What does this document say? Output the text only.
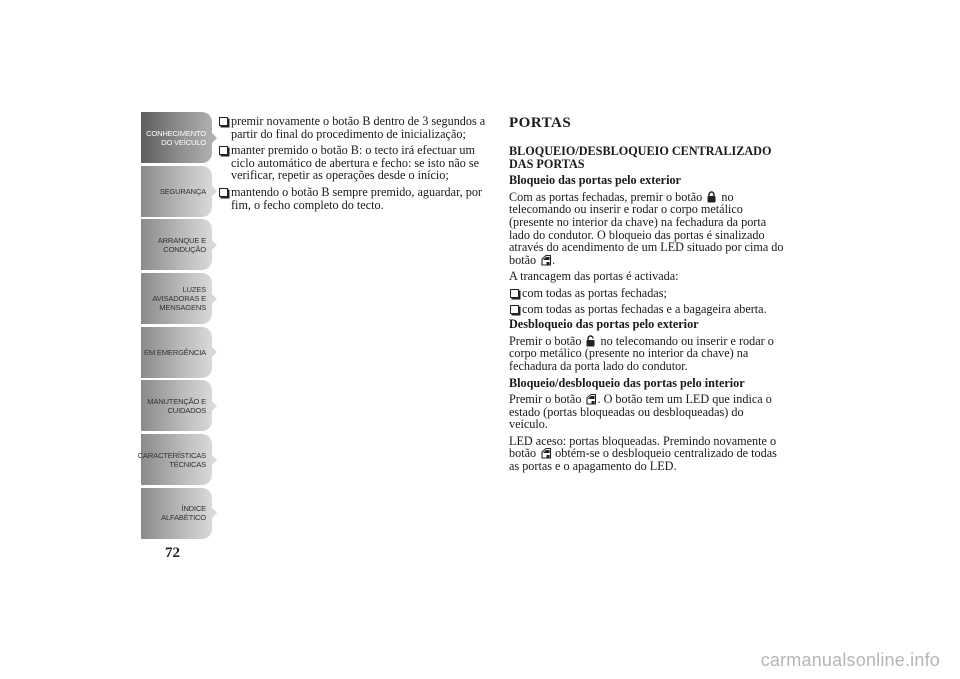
CONHECIMENTO
DO VEÍCULO
SEGURANÇA
ARRANQUE E
CONDUÇÃO
LUZES
AVISADORAS E
MENSAGENS
EM EMERGÊNCIA
MANUTENÇÃO E
CUIDADOS
CARACTERÍSTICAS
TÉCNICAS
ÍNDICE
ALFABÉTICO
72
premir novamente o botão B dentro de 3 segundos a partir do final do procedimento de inicialização;
manter premido o botão B: o tecto irá efectuar um ciclo automático de abertura e fecho: se isto não se verificar, repetir as operações desde o início;
mantendo o botão B sempre premido, aguardar, por fim, o fecho completo do tecto.
PORTAS
BLOQUEIO/DESBLOQUEIO CENTRALIZADO DAS PORTAS
Bloqueio das portas pelo exterior
Com as portas fechadas, premir o botão  no telecomando ou inserir e rodar o corpo metálico (presente no interior da chave) na fechadura da porta lado do condutor. O bloqueio das portas é sinalizado através do acendimento de um LED situado por cima do botão .
A trancagem das portas é activada:
com todas as portas fechadas;
com todas as portas fechadas e a bagageira aberta.
Desbloqueio das portas pelo exterior
Premir o botão  no telecomando ou inserir e rodar o corpo metálico (presente no interior da chave) na fechadura da porta lado do condutor.
Bloqueio/desbloqueio das portas pelo interior
Premir o botão . O botão tem um LED que indica o estado (portas bloqueadas ou desbloqueadas) do veículo.
LED aceso: portas bloqueadas. Premindo novamente o botão  obtém-se o desbloqueio centralizado de todas as portas e o apagamento do LED.
carmanualsonline.info
